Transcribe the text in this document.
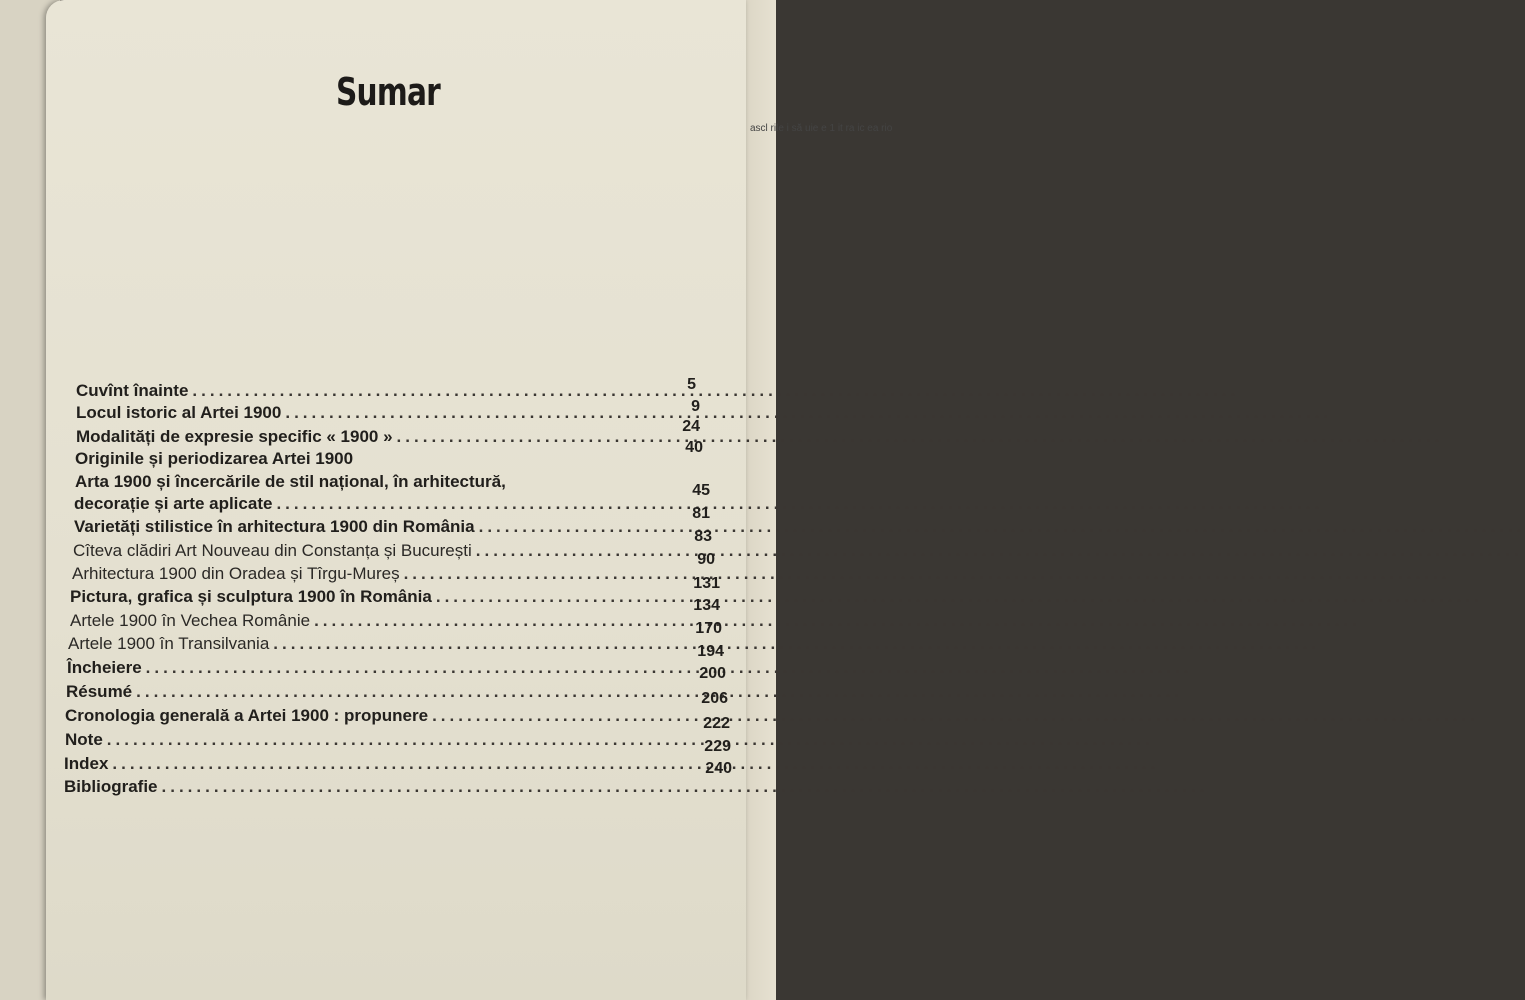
ascl rile i să uie e 1 it ra ic ea rio
Sumar
Cuvînt înainte
.....
Locul istoric al Artei 1900
.....
Modalități de expresie specific « 1900 »
.....
Originile și periodizarea Artei 1900
Arta 1900 și încercările de stil național, în arhitectură,
decorație și arte aplicate
.....
Varietăți stilistice în arhitectura 1900 din România
.....
Cîteva clădiri Art Nouveau din Constanța și București
.....
Arhitectura 1900 din Oradea și Tîrgu-Mureș
.....
Pictura, grafica și sculptura 1900 în România
.....
Artele 1900 în Vechea Românie
.....
Artele 1900 în Transilvania
.....
Încheiere
.....
Résumé
.....
Cronologia generală a Artei 1900 : propunere
.....
Note
.....
Index
.....
Bibliografie
.....
5
9
24
40
45
81
83
90
131
134
170
194
200
206
222
229
240
